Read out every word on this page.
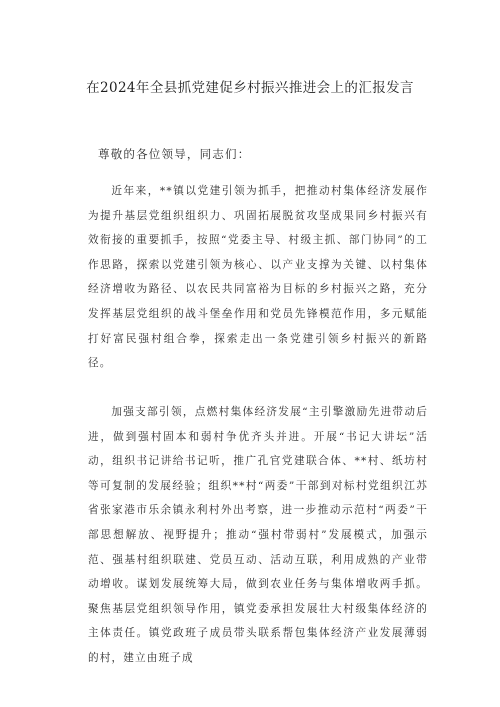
在2024年全县抓党建促乡村振兴推进会上的汇报发言
尊敬的各位领导，同志们：

近年来，**镇以党建引领为抓手，把推动村集体经济发展作为提升基层党组织组织力、巩固拓展脱贫攻坚成果同乡村振兴有效衔接的重要抓手，按照“党委主导、村级主抓、部门协同”的工作思路，探索以党建引领为核心、以产业支撑为关键、以村集体经济增收为路径、以农民共同富裕为目标的乡村振兴之路，充分发挥基层党组织的战斗堡垒作用和党员先锋模范作用，多元赋能打好富民强村组合拳，探索走出一条党建引领乡村振兴的新路径。

加强支部引领，点燃村集体经济发展“主引擎激励先进带动后进，做到强村固本和弱村争优齐头并进。开展“书记大讲坛”活动，组织书记讲给书记听，推广孔官党建联合体、**村、纸坊村等可复制的发展经验；组织**村“两委”干部到对标村党组织江苏省张家港市乐余镇永利村外出考察，进一步推动示范村“两委”干部思想解放、视野提升；推动“强村带弱村”发展模式，加强示范、强基村组织联建、党员互动、活动互联，利用成熟的产业带动增收。谋划发展统筹大局，做到农业任务与集体增收两手抓。聚焦基层党组织领导作用，镇党委承担发展壮大村级集体经济的主体责任。镇党政班子成员带头联系帮包集体经济产业发展薄弱的村，建立由班子成
